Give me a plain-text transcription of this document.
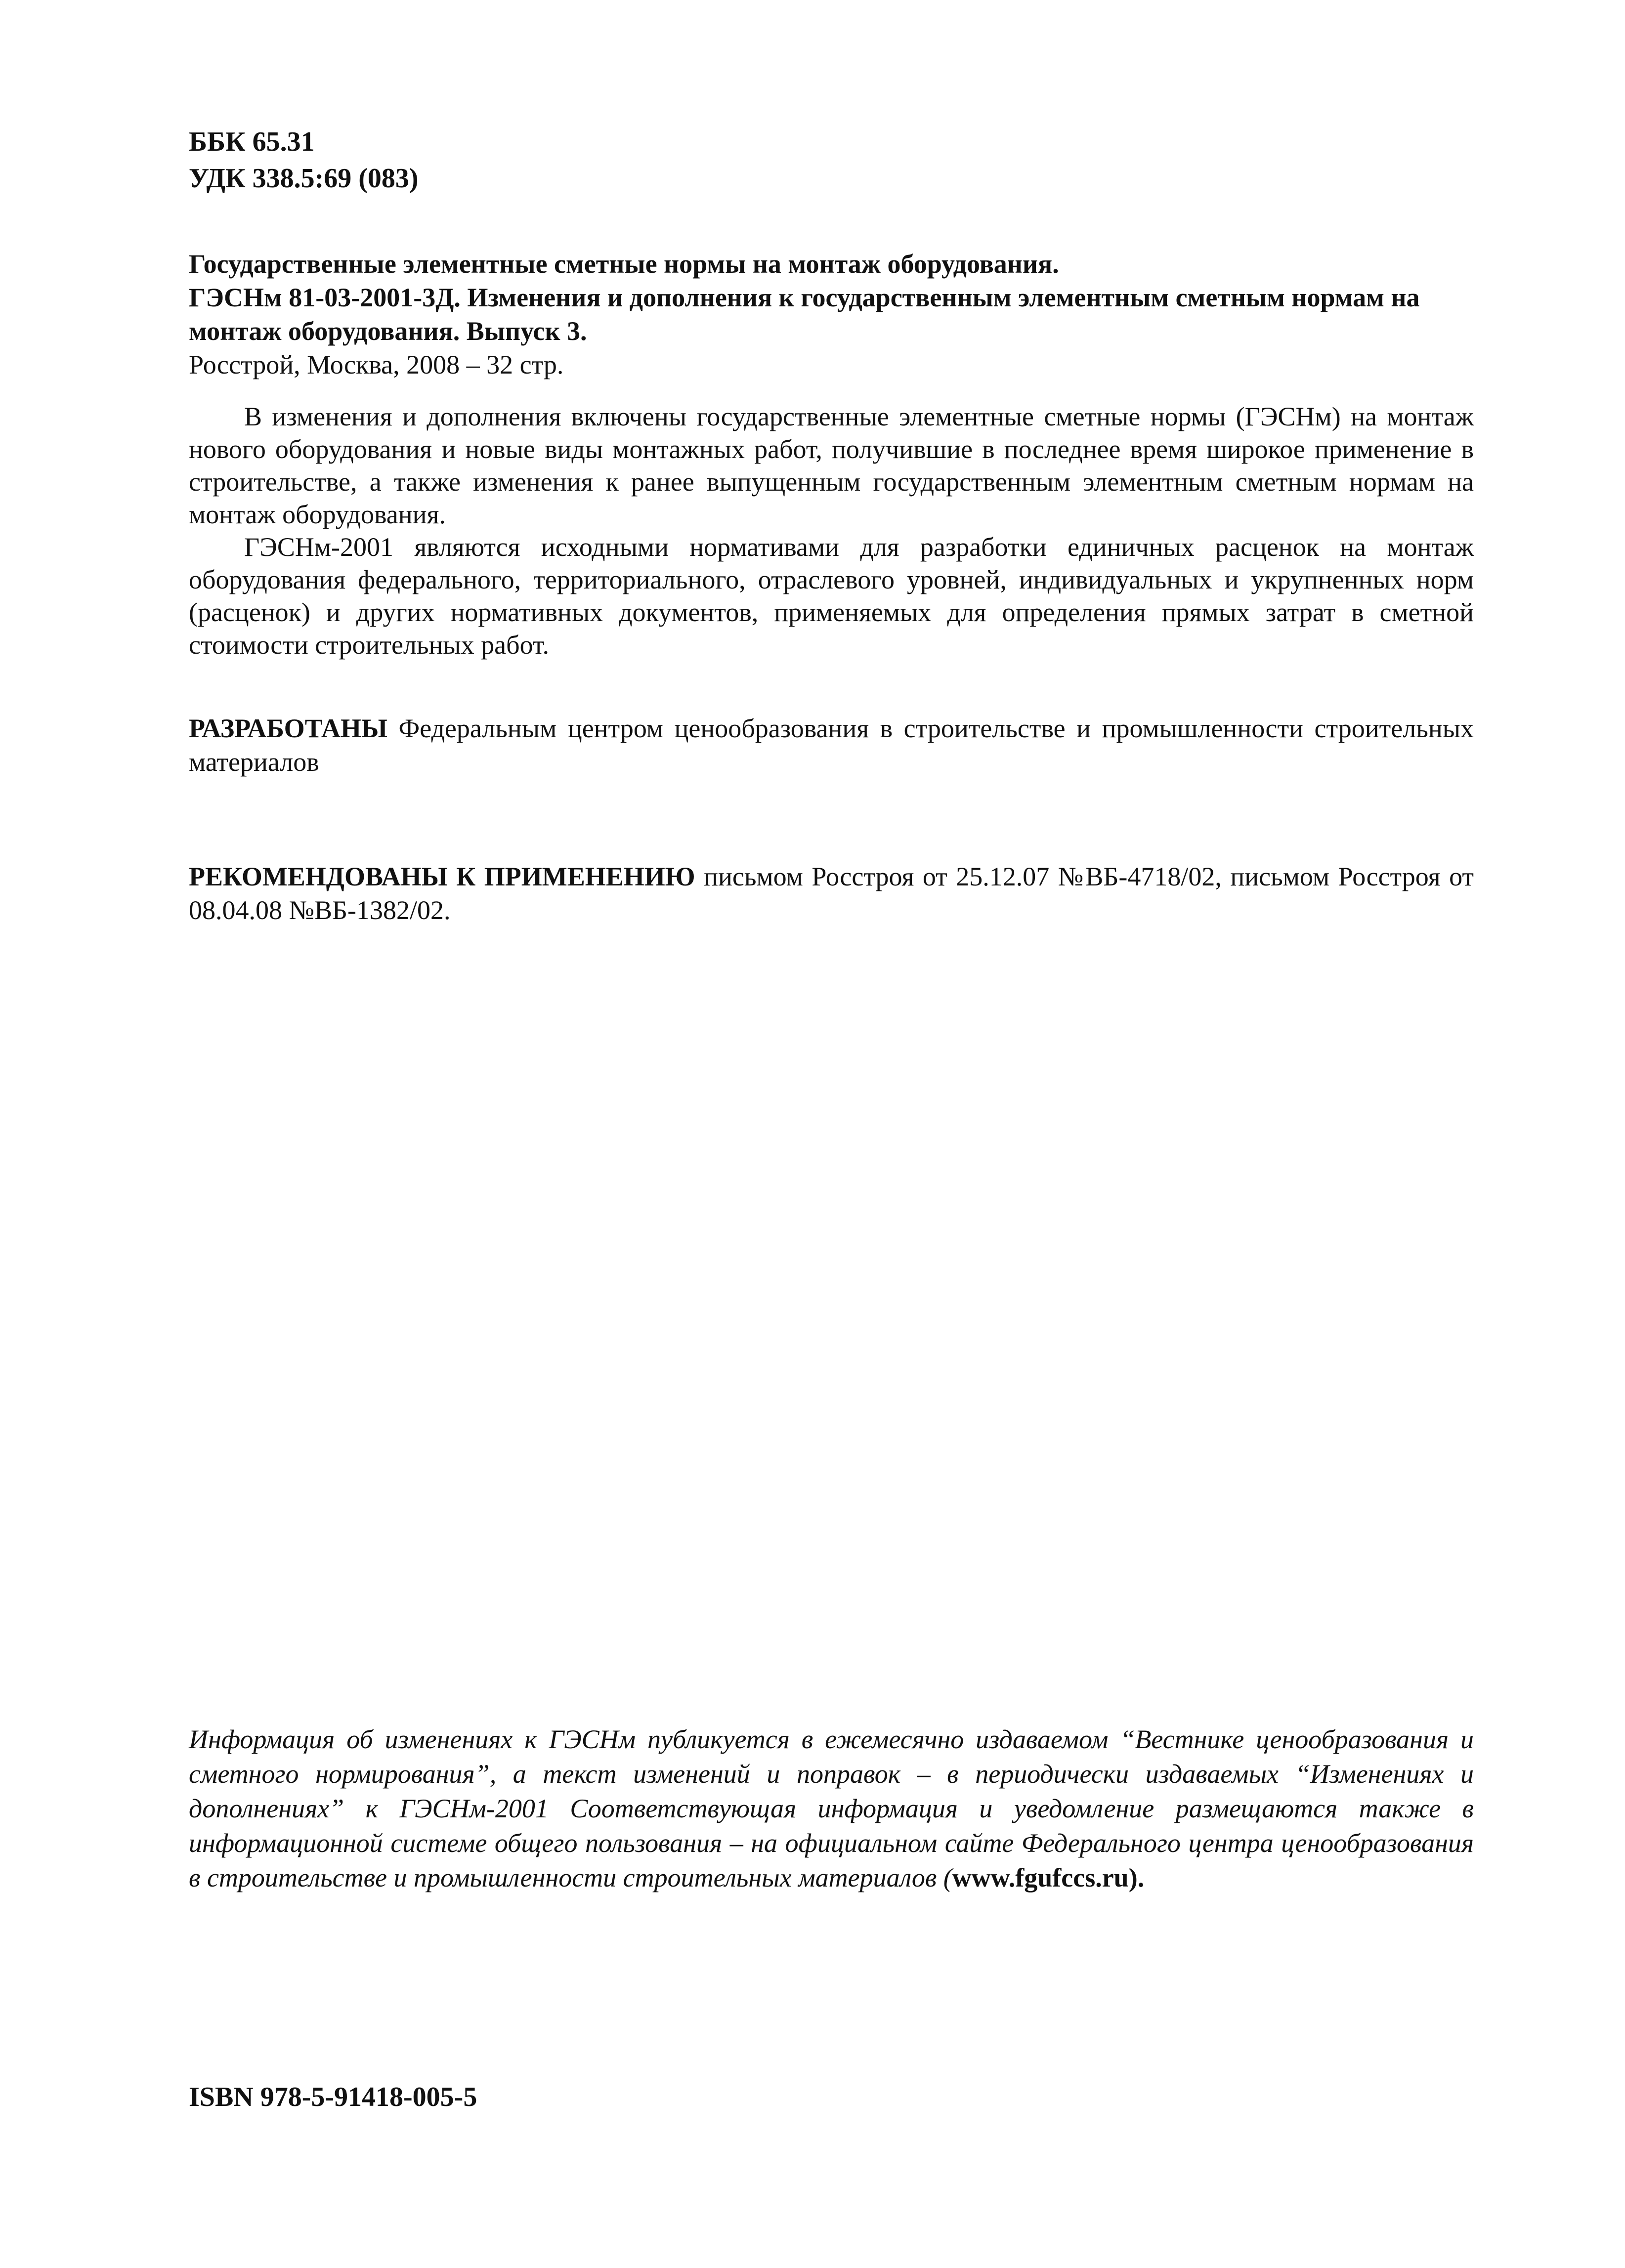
ББК 65.31
УДК 338.5:69 (083)
Государственные элементные сметные нормы на монтаж оборудования.
ГЭСНм 81-03-2001-3Д. Изменения и дополнения к государственным элементным сметным нормам на монтаж оборудования. Выпуск 3.
Росстрой, Москва, 2008 – 32 стр.

В изменения и дополнения включены государственные элементные сметные нормы (ГЭСНм) на монтаж нового оборудования и новые виды монтажных работ, получившие в последнее время широкое применение в строительстве, а также изменения к ранее выпущенным государственным элементным сметным нормам на монтаж оборудования.

ГЭСНм-2001 являются исходными нормативами для разработки единичных расценок на монтаж оборудования федерального, территориального, отраслевого уровней, индивидуальных и укрупненных норм (расценок) и других нормативных документов, применяемых для определения прямых затрат в сметной стоимости строительных работ.

РАЗРАБОТАНЫ Федеральным центром ценообразования в строительстве и промышленности строительных материалов
РЕКОМЕНДОВАНЫ К ПРИМЕНЕНИЮ письмом Росстроя от 25.12.07 №ВБ-4718/02, письмом Росстроя от 08.04.08 №ВБ-1382/02.
Информация об изменениях к ГЭСНм публикуется в ежемесячно издаваемом “Вестнике ценообразования и сметного нормирования”, а текст изменений и поправок – в периодически издаваемых “Изменениях и дополнениях” к ГЭСНм-2001 Соответствующая информация и уведомление размещаются также в информационной системе общего пользования – на официальном сайте Федерального центра ценообразования в строительстве и промышленности строительных материалов (www.fgufccs.ru).
ISBN 978-5-91418-005-5
